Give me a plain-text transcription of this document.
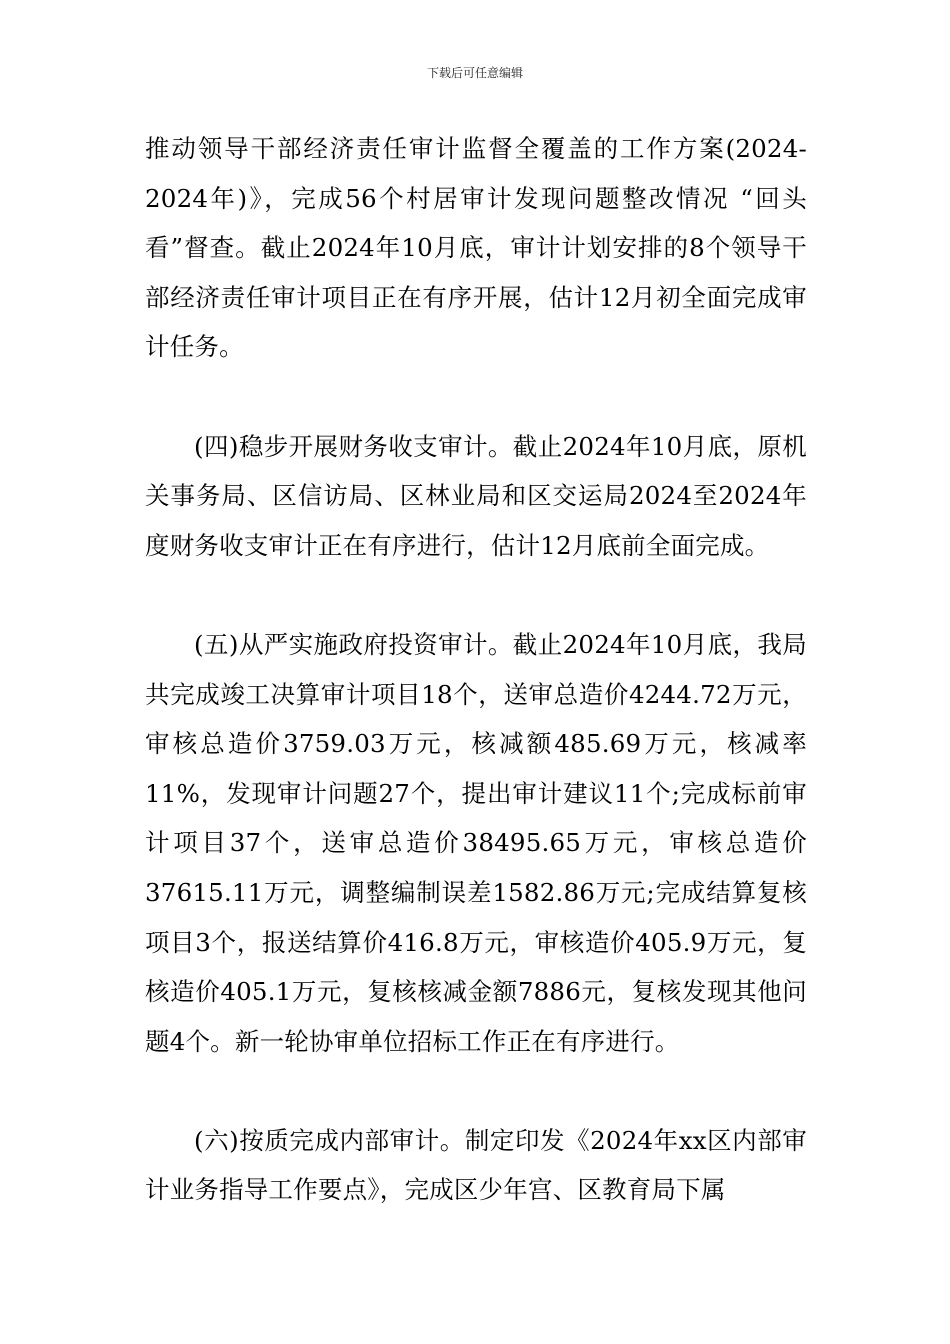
下载后可任意编辑

推动领导干部经济责任审计监督全覆盖的工作方案(2024-2024年)》，完成56个村居审计发现问题整改情况 “回头看”督查。截止2024年10月底，审计计划安排的8个领导干部经济责任审计项目正在有序开展，估计12月初全面完成审计任务。

(四)稳步开展财务收支审计。截止2024年10月底，原机关事务局、区信访局、区林业局和区交运局2024至2024年度财务收支审计正在有序进行，估计12月底前全面完成。

(五)从严实施政府投资审计。截止2024年10月底，我局共完成竣工决算审计项目18个，送审总造价4244.72万元，审核总造价3759.03万元，核减额485.69万元，核减率11%，发现审计问题27个，提出审计建议11个;完成标前审计项目37个，送审总造价38495.65万元，审核总造价37615.11万元，调整编制误差1582.86万元;完成结算复核项目3个，报送结算价416.8万元，审核造价405.9万元，复核造价405.1万元，复核核减金额7886元，复核发现其他问题4个。新一轮协审单位招标工作正在有序进行。

(六)按质完成内部审计。制定印发《2024年xx区内部审计业务指导工作要点》，完成区少年宫、区教育局下属
